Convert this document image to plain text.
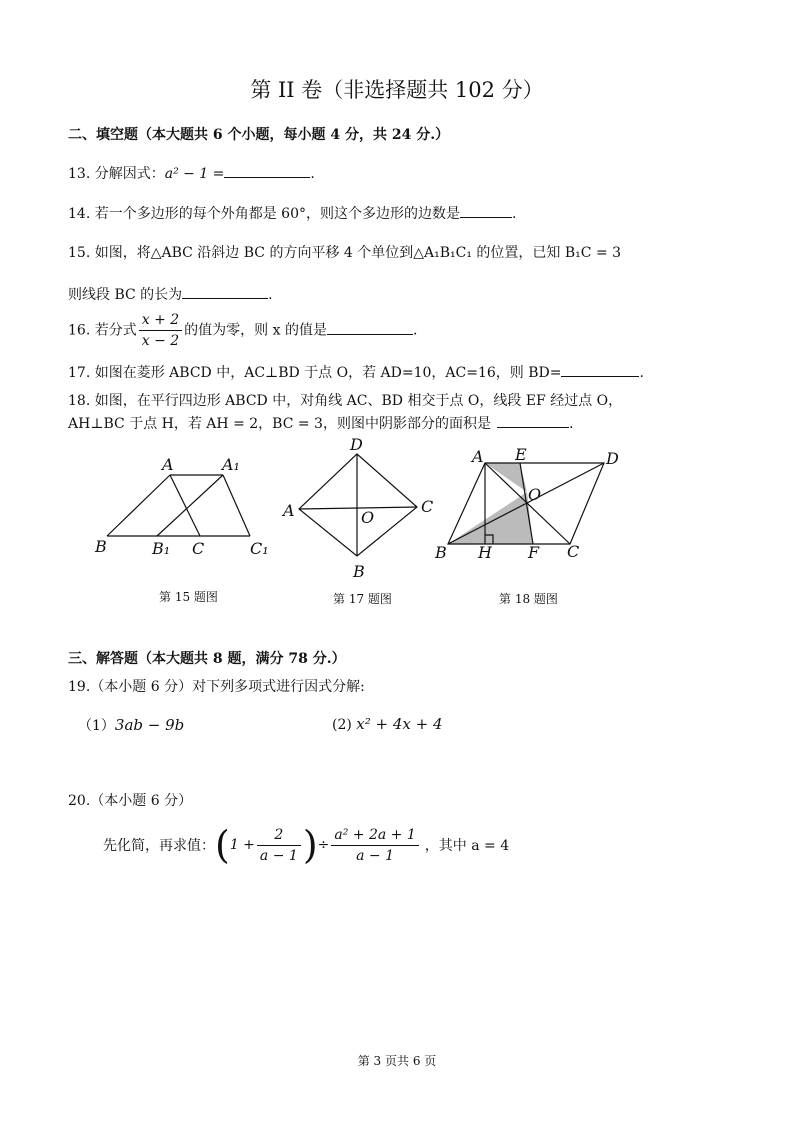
第 II 卷（非选择题共 102 分）
二、填空题（本大题共 6 个小题，每小题 4 分，共 24 分.）
13. 分解因式：a² − 1 =	.
14. 若一个多边形的每个外角都是 60°，则这个多边形的边数是	.
15. 如图，将△ABC 沿斜边 BC 的方向平移 4 个单位到△A₁B₁C₁ 的位置，已知 B₁C = 3
则线段 BC 的长为	.
16. 若分式 $\frac{x + 2}{x - 2}$ 的值为零，则 x 的值是	.
17. 如图在菱形 ABCD 中，AC⊥BD 于点 O，若 AD=10，AC=16，则 BD=	.
18. 如图，在平行四边形 ABCD 中，对角线 AC、BD 相交于点 O，线段 EF 经过点 O，
AH⊥BC 于点 H，若 AH = 2，BC = 3，则图中阴影部分的面积是	.
A	A₁
B	B₁ C	C₁
第 15 题图
D
A	C
O
B
第 17 题图
A E	D
O
B H F C
第 18 题图
三、解答题（本大题共 8 题，满分 78 分.）
19.（本小题 6 分）对下列多项式进行因式分解:
（1）3ab − 9b	(2) x² + 4x + 4
20.（本小题 6 分）
先化简，再求值： ( $1 + \frac{2}{a - 1}$ ) ÷ $\frac{\text{a² + 2a + 1}}{a - 1}$ ，其中 a = 4
第 3 页共 6 页
